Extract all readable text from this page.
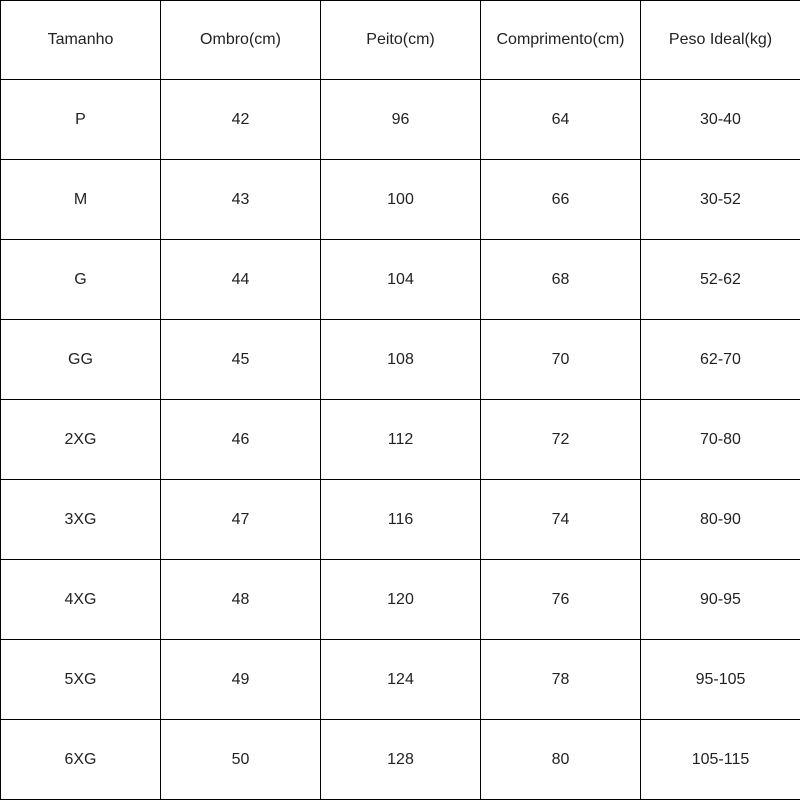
Tamanho	Ombro(cm)	Peito(cm)	Comprimento(cm)	Peso Ideal(kg)
P	42	96	64	30-40
M	43	100	66	30-52
G	44	104	68	52-62
GG	45	108	70	62-70
2XG	46	112	72	70-80
3XG	47	116	74	80-90
4XG	48	120	76	90-95
5XG	49	124	78	95-105
6XG	50	128	80	105-115
